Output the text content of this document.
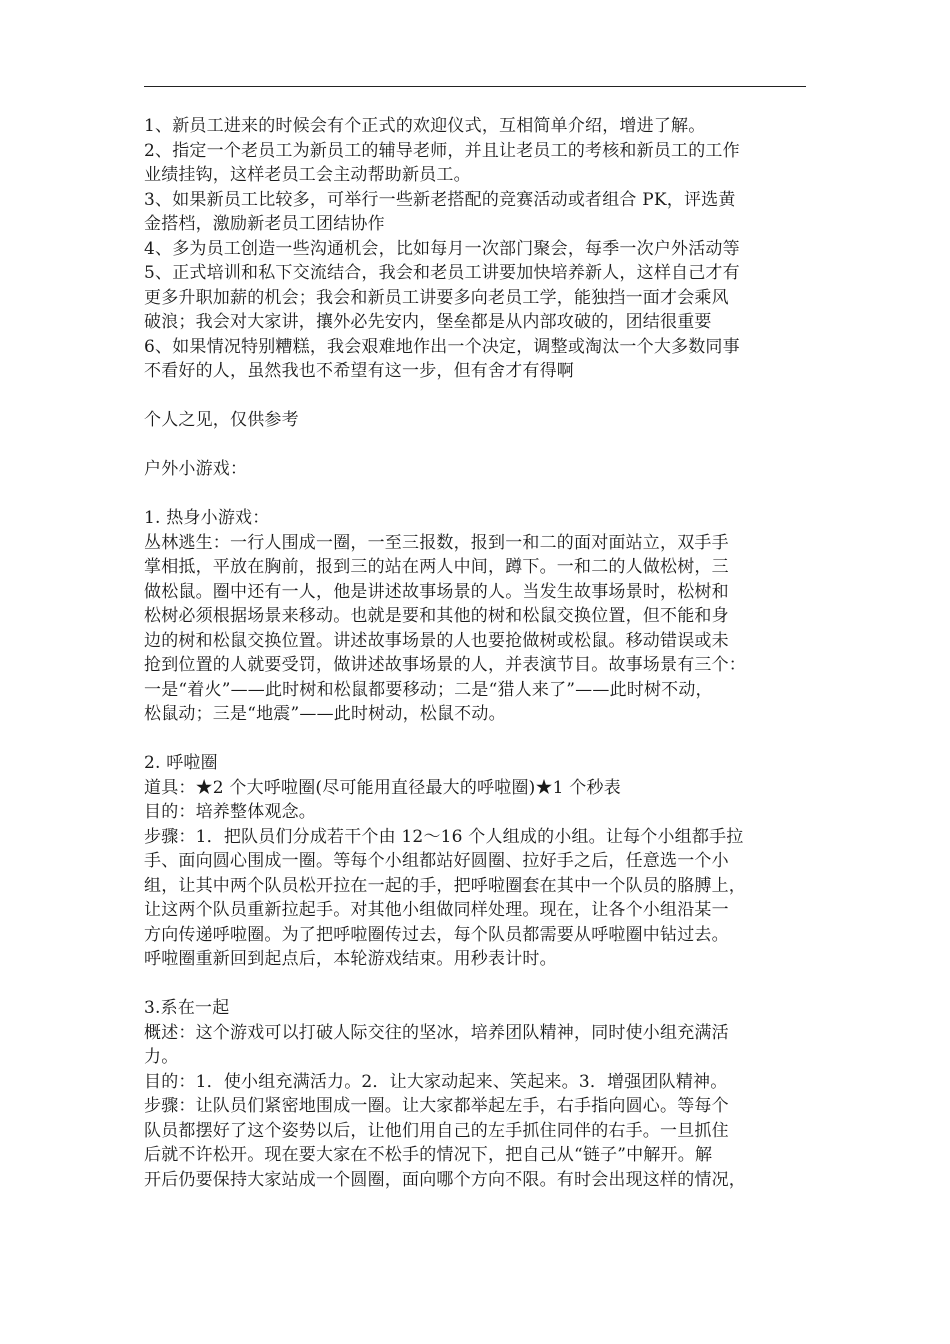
1、新员工进来的时候会有个正式的欢迎仪式，互相简单介绍，增进了解。
2、指定一个老员工为新员工的辅导老师，并且让老员工的考核和新员工的工作
业绩挂钩，这样老员工会主动帮助新员工。
3、如果新员工比较多，可举行一些新老搭配的竞赛活动或者组合 PK，评选黄
金搭档，激励新老员工团结协作
4、多为员工创造一些沟通机会，比如每月一次部门聚会，每季一次户外活动等
5、正式培训和私下交流结合，我会和老员工讲要加快培养新人，这样自己才有
更多升职加薪的机会；我会和新员工讲要多向老员工学，能独挡一面才会乘风
破浪；我会对大家讲，攘外必先安内，堡垒都是从内部攻破的，团结很重要
6、如果情况特别糟糕，我会艰难地作出一个决定，调整或淘汰一个大多数同事
不看好的人，虽然我也不希望有这一步，但有舍才有得啊
个人之见，仅供参考
户外小游戏：
1. 热身小游戏：
丛林逃生：一行人围成一圈，一至三报数，报到一和二的面对面站立，双手手
掌相抵，平放在胸前，报到三的站在两人中间，蹲下。一和二的人做松树，三
做松鼠。圈中还有一人，他是讲述故事场景的人。当发生故事场景时，松树和
松树必须根据场景来移动。也就是要和其他的树和松鼠交换位置，但不能和身
边的树和松鼠交换位置。讲述故事场景的人也要抢做树或松鼠。移动错误或未
抢到位置的人就要受罚，做讲述故事场景的人，并表演节目。故事场景有三个：
一是“着火”——此时树和松鼠都要移动；二是“猎人来了”——此时树不动，
松鼠动；三是“地震”——此时树动，松鼠不动。
2. 呼啦圈
道具：★2 个大呼啦圈(尽可能用直径最大的呼啦圈)★1 个秒表
目的：培养整体观念。
步骤：1．把队员们分成若干个由 12～16 个人组成的小组。让每个小组都手拉
手、面向圆心围成一圈。等每个小组都站好圆圈、拉好手之后，任意选一个小
组，让其中两个队员松开拉在一起的手，把呼啦圈套在其中一个队员的胳膊上，
让这两个队员重新拉起手。对其他小组做同样处理。现在，让各个小组沿某一
方向传递呼啦圈。为了把呼啦圈传过去，每个队员都需要从呼啦圈中钻过去。
呼啦圈重新回到起点后，本轮游戏结束。用秒表计时。
3.系在一起
概述：这个游戏可以打破人际交往的坚冰，培养团队精神，同时使小组充满活
力。
目的：1．使小组充满活力。2．让大家动起来、笑起来。3．增强团队精神。
步骤：让队员们紧密地围成一圈。让大家都举起左手，右手指向圆心。等每个
队员都摆好了这个姿势以后，让他们用自己的左手抓住同伴的右手。一旦抓住
后就不许松开。现在要大家在不松手的情况下，把自己从“链子”中解开。解
开后仍要保持大家站成一个圆圈，面向哪个方向不限。有时会出现这样的情况，
